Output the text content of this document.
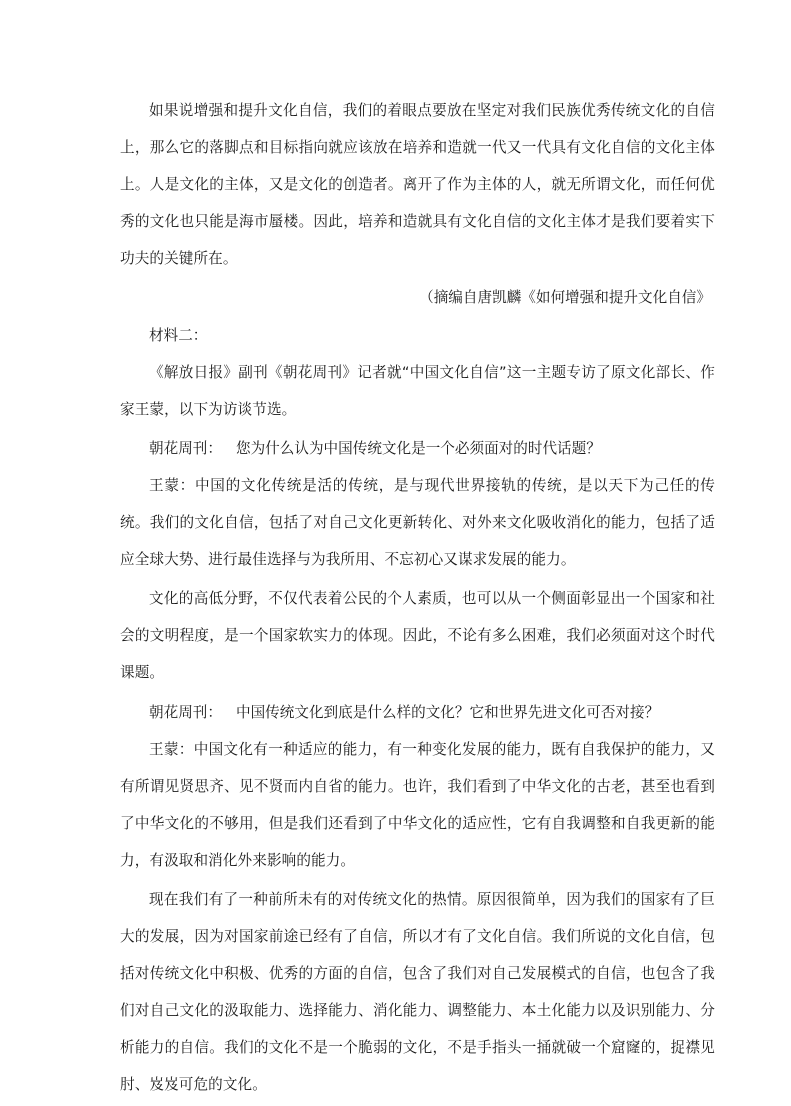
如果说增强和提升文化自信，我们的着眼点要放在坚定对我们民族优秀传统文化的自信上，那么它的落脚点和目标指向就应该放在培养和造就一代又一代具有文化自信的文化主体上。人是文化的主体，又是文化的创造者。离开了作为主体的人，就无所谓文化，而任何优秀的文化也只能是海市蜃楼。因此，培养和造就具有文化自信的文化主体才是我们要着实下功夫的关键所在。

（摘编自唐凯麟《如何增强和提升文化自信》

材料二：

《解放日报》副刊《朝花周刊》记者就“中国文化自信”这一主题专访了原文化部长、作家王蒙，以下为访谈节选。

朝花周刊： 您为什么认为中国传统文化是一个必须面对的时代话题？

王蒙：中国的文化传统是活的传统，是与现代世界接轨的传统，是以天下为己任的传统。我们的文化自信，包括了对自己文化更新转化、对外来文化吸收消化的能力，包括了适应全球大势、进行最佳选择与为我所用、不忘初心又谋求发展的能力。

文化的高低分野，不仅代表着公民的个人素质，也可以从一个侧面彰显出一个国家和社会的文明程度，是一个国家软实力的体现。因此，不论有多么困难，我们必须面对这个时代课题。

朝花周刊： 中国传统文化到底是什么样的文化？它和世界先进文化可否对接？

王蒙：中国文化有一种适应的能力，有一种变化发展的能力，既有自我保护的能力，又有所谓见贤思齐、见不贤而内自省的能力。也许，我们看到了中华文化的古老，甚至也看到了中华文化的不够用，但是我们还看到了中华文化的适应性，它有自我调整和自我更新的能力，有汲取和消化外来影响的能力。

现在我们有了一种前所未有的对传统文化的热情。原因很简单，因为我们的国家有了巨大的发展，因为对国家前途已经有了自信，所以才有了文化自信。我们所说的文化自信，包括对传统文化中积极、优秀的方面的自信，包含了我们对自己发展模式的自信，也包含了我们对自己文化的汲取能力、选择能力、消化能力、调整能力、本土化能力以及识别能力、分析能力的自信。我们的文化不是一个脆弱的文化，不是手指头一捅就破一个窟窿的，捉襟见肘、岌岌可危的文化。
